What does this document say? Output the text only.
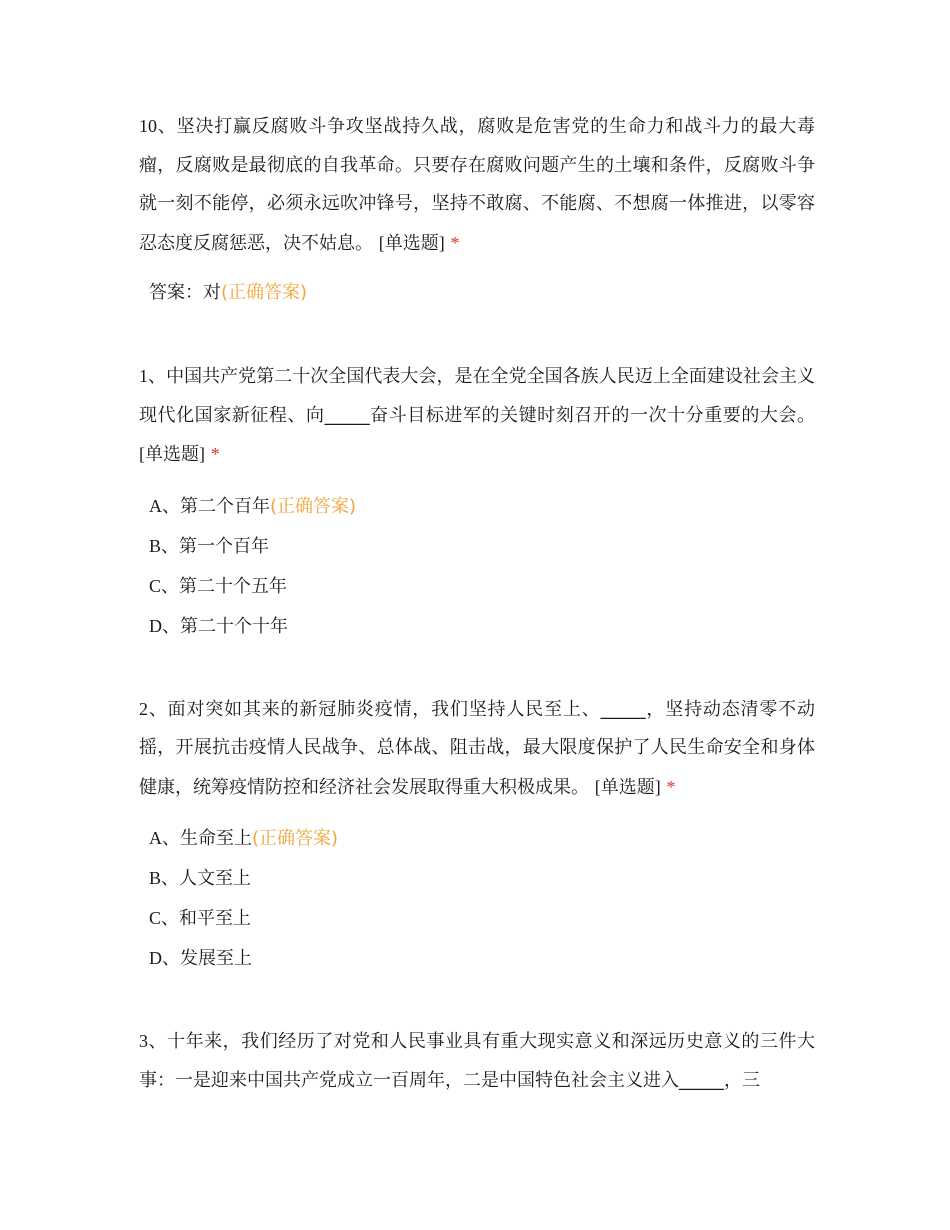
10、坚决打赢反腐败斗争攻坚战持久战，腐败是危害党的生命力和战斗力的最大毒瘤，反腐败是最彻底的自我革命。只要存在腐败问题产生的土壤和条件，反腐败斗争就一刻不能停，必须永远吹冲锋号，坚持不敢腐、不能腐、不想腐一体推进，以零容忍态度反腐惩恶，决不姑息。 [单选题] *

答案：对(正确答案)

1、中国共产党第二十次全国代表大会，是在全党全国各族人民迈上全面建设社会主义现代化国家新征程、向_____奋斗目标进军的关键时刻召开的一次十分重要的大会。 [单选题] *

A、第二个百年(正确答案)
B、第一个百年
C、第二十个五年
D、第二十个十年

2、面对突如其来的新冠肺炎疫情，我们坚持人民至上、_____，坚持动态清零不动摇，开展抗击疫情人民战争、总体战、阻击战，最大限度保护了人民生命安全和身体健康，统筹疫情防控和经济社会发展取得重大积极成果。 [单选题] *

A、生命至上(正确答案)
B、人文至上
C、和平至上
D、发展至上

3、十年来，我们经历了对党和人民事业具有重大现实意义和深远历史意义的三件大事：一是迎来中国共产党成立一百周年，二是中国特色社会主义进入_____，三
